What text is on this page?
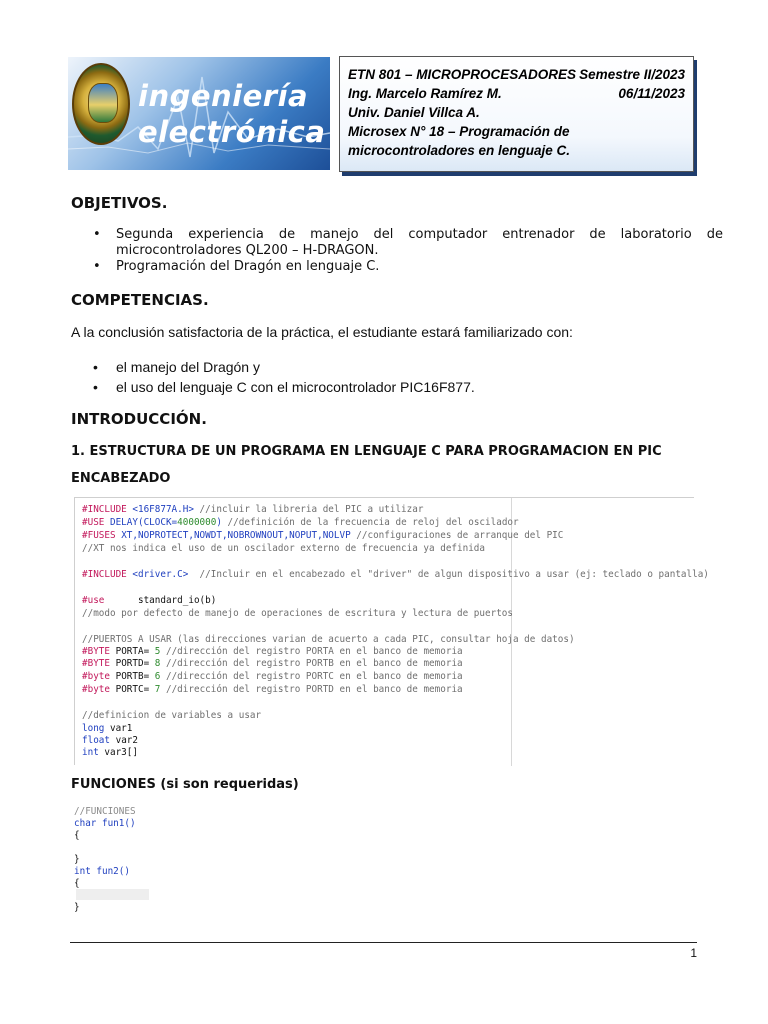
ingeniería
electrónica
ETN 801 – MICROPROCESADORES Semestre II/2023
Ing. Marcelo Ramírez M.	06/11/2023
Univ. Daniel Villca A.
Microsex N° 18 – Programación de
microcontroladores en lenguaje C.
OBJETIVOS.
• Segunda experiencia de manejo del computador entrenador de laboratorio de microcontroladores QL200 – H-DRAGON.
• Programación del Dragón en lenguaje C.
COMPETENCIAS.
A la conclusión satisfactoria de la práctica, el estudiante estará familiarizado con:
• el manejo del Dragón y
• el uso del lenguaje C con el microcontrolador PIC16F877.
INTRODUCCIÓN.
1. ESTRUCTURA DE UN PROGRAMA EN LENGUAJE C PARA PROGRAMACION EN PIC
ENCABEZADO
#INCLUDE <16F877A.H> //incluir la libreria del PIC a utilizar
#USE DELAY(CLOCK=4000000) //definición de la frecuencia de reloj del oscilador
#FUSES XT,NOPROTECT,NOWDT,NOBROWNOUT,NOPUT,NOLVP //configuraciones de arranque del PIC
//XT nos indica el uso de un oscilador externo de frecuencia ya definida
#INCLUDE <driver.C>  //Incluir en el encabezado el "driver" de algun dispositivo a usar (ej: teclado o pantalla)
#use      standard_io(b)
//modo por defecto de manejo de operaciones de escritura y lectura de puertos
//PUERTOS A USAR (las direcciones varian de acuerto a cada PIC, consultar hoja de datos)
#BYTE PORTA= 5 //dirección del registro PORTA en el banco de memoria
#BYTE PORTD= 8 //dirección del registro PORTB en el banco de memoria
#byte PORTB= 6 //dirección del registro PORTC en el banco de memoria
#byte PORTC= 7 //dirección del registro PORTD en el banco de memoria
//definicion de variables a usar
long var1
float var2
int var3[]
FUNCIONES (si son requeridas)
//FUNCIONES
char fun1()
{

}
int fun2()
{

}
1
